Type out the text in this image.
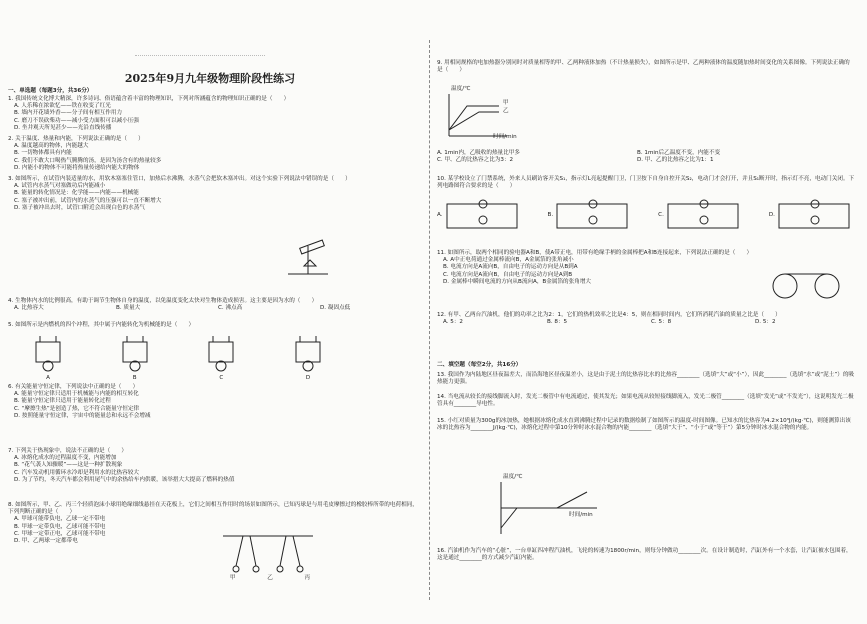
2025年9月九年级物理阶段性练习
一、单选题（每题3分，共36分）
1. 我国传统文化博大精深，许多诗词、俗语蕴含着丰富的物理知识，下列对所涵蕴含的物理知识正确的是（　　）
A. 人乐稀在浓欲忆——铁在收变了红光
B. 墙内开花墙外香——分子间有相互作用力
C. 磨刀不误砍柴功——减小受力面积可以减小压强
D. 坐井观天所见甚少——光沿直线传播
2. 关于温度、热量和内能，下列说法正确的是（　　）
A. 温度越高的物体，内能越大
B. 一切物体都具有内能
C. 我们不敢大口喝热气腾腾的汤，是因为汤含有的热量较多
D. 内能小的物体不可能将热量传递给内能大的物体
3. 如图所示，在试管内装适量的水，用软木塞塞住管口，加热后水沸腾，水蒸气会把软木塞冲出。对这个实验下列说法中错误的是（　　）
A. 试管内水蒸气对塞做功后内能减小
B. 能量的转化情况是：化学能——内能——机械能
C. 塞子被冲出前，试管内的水蒸气的压强可以一直不断增大
D. 塞子被冲出去时，试管口附近会出现白色的水蒸气
4. 生物体内水的比例很高，有助于调节生物体自身的温度，以免温度变化太快对生物体造成损害。这主要是因为水的（　　）
A. 比热容大	B. 质量大	C. 沸点高	D. 凝固点低
5. 如图所示是内燃机的四个冲程，其中属于内能转化为机械能的是（　　）
A	B	C	D
6. 有关能量守恒定律，下列说法中正确的是（　　）
A. 能量守恒定律只适用于机械能与内能的相互转化
B. 能量守恒定律只适用于能量转化过程
C. “摩擦生热”是创造了热，它不符合能量守恒定律
D. 按照能量守恒定律，宇宙中的能量总和永远不会增减
7. 下列关于热现象中，说法不正确的是（　　）
A. 冰熔化成水的过程温度不变，内能增加
B. “花气袭人知骤暖”——这是一种扩散现象
C. 汽车发动机用循环水冷却是利用水的比热容较大
D. 为了节约，冬天汽车都会利用尾气中的余热给车内供暖，该举措大大提高了燃料的热值
8. 如图所示，甲、乙、丙三个轻质泡沫小球用绝缘细线悬挂在天花板上，它们之间相互作用时的场景如图所示，已知丙球是与用毛皮摩擦过的橡胶棒所带的电荷相同，下列判断正确的是（　　）
A. 甲球可能带负电，乙球一定不带电
B. 甲球一定带负电，乙球可能不带电
C. 甲球一定带正电，乙球可能不带电
D. 甲、乙两球一定都带电
甲	乙	丙
9. 用相同规格的电加热器分别同时对质量相等的甲、乙两种液体加热（不计热量损失），如图所示是甲、乙两种液体的温度随加热时间变化的关系图像。下列说法正确的是（　　）
温度/℃
时间/min
甲
乙
A. 1min内，乙吸收的热量比甲多	B. 1min后乙温度不变，内能不变
C. 甲、乙的比热容之比为3：2	D. 甲、乙的比热容之比为1：1
10. 某学校设立了门禁系统，外来人员刷访客开关S₁，指示灯L亮起提醒门卫，门卫按下自身自控开关S₂，电动门才会打开，并且S₁断开时，指示灯不亮，电动门关闭。下列电路图符合要求的是（　　）
A.	B.	C.	D.
11. 如图所示，取两个相同的验电器A和B，使A带正电，用带有绝缘手柄的金属棒把A和B连接起来，下列说法正确的是（　　）
A. A中正电荷通过金属棒流向B，A金属箔的张角减小
B. 电流方向是A流向B，自由电子的运动方向是从B到A
C. 电流方向是A流向B，自由电子的运动方向是A到B
D. 金属棒中瞬间电流的方向从B流向A，B金属箔的张角增大
12. 有甲、乙两台汽油机，他们的功率之比为2：1，它们的热机效率之比是4：5，则在相同时间内，它们所消耗汽油的质量之比是（　　）
A. 5：2	B. 8：5	C. 5：8	D. 5：2
二、填空题（每空2分，共16分）
13. 我国作为内陆地区昼夜温差大，而沿海地区昼夜温差小，这是由于泥土的比热容比水的比热容________（选填“大”或“小”），因此________（选填“水”或“泥土”）的吸热能力更强。
14. 当电流从较长的接线脚流入时，发光二极管中有电流通过，使其发光；如果电流从较短接线脚流入，发光二极管________（选填“发光”或“不发光”），这说明发光二极管具有________导电性。
15. 小红对质量为300g的冰加热，她根据冰熔化成水直到沸腾过程中记录的数据绘制了如图所示的温度-时间图像。已知水的比热容为4.2×10³J/(kg·℃)，则能测算出该冰的比热容为________J/(kg·℃)，冰熔化过程中第10分钟时冰水混合物的内能________（选填“大于”、“小于”或“等于”）第5分钟时冰水混合物的内能。
温度/℃
时间/min
16. 汽油机作为汽车的“心脏”，一台单缸四冲程汽油机，飞轮的转速为1800r/min，则每分钟做功________次。在设计制造时，汽缸外有一个水套，让汽缸被水包围着，这是通过________的方式减少汽缸内能。
